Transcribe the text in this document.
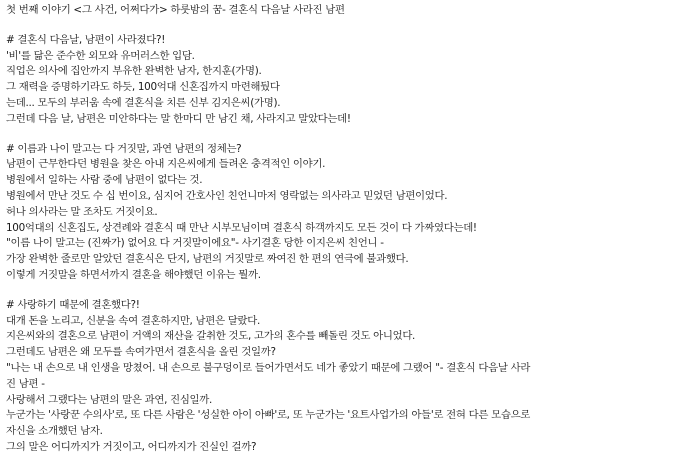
첫 번째 이야기 <그 사건, 어쩌다가> 하룻밤의 꿈- 결혼식 다음날 사라진 남편
# 결혼식 다음날, 남편이 사라졌다?!
'비'를 닮은 준수한 외모와 유머러스한 입담.
직업은 의사에 집안까지 부유한 완벽한 남자, 한지훈(가명).
그 재력을 증명하기라도 하듯, 100억대 신혼집까지 마련해뒀다
는데... 모두의 부러움 속에 결혼식을 치른 신부 김지은씨(가명).
그런데 다음 날, 남편은 미안하다는 말 한마디 만 남긴 채, 사라지고 말았다는데!
# 이름과 나이 말고는 다 거짓말, 과연 남편의 정체는?
남편이 근무한다던 병원을 찾은 아내 지은씨에게 들려온 충격적인 이야기.
병원에서 일하는 사람 중에 남편이 없다는 것.
병원에서 만난 것도 수 십 번이요, 심지어 간호사인 친언니마저 영락없는 의사라고 믿었던 남편이었다.
허나 의사라는 말 조차도 거짓이요.
100억대의 신혼집도, 상견례와 결혼식 때 만난 시부모님이며 결혼식 하객까지도 모든 것이 다 가짜였다는데!
"이름 나이 말고는 (진짜가) 없어요 다 거짓말이에요"- 사기결혼 당한 이지은씨 친언니 -
가장 완벽한 줄로만 알았던 결혼식은 단지, 남편의 거짓말로 짜여진 한 편의 연극에 불과했다.
이렇게 거짓말을 하면서까지 결혼을 해야했던 이유는 뭘까.
# 사랑하기 때문에 결혼했다?!
대개 돈을 노리고, 신분을 속여 결혼하지만, 남편은 달랐다.
지은씨와의 결혼으로 남편이 거액의 재산을 갈취한 것도, 고가의 혼수를 빼돌린 것도 아니었다.
그런데도 남편은 왜 모두를 속여가면서 결혼식을 올린 것일까?
"나는 내 손으로 내 인생을 망쳤어. 내 손으로 불구덩이로 들어가면서도 네가 좋았기 때문에 그랬어 "- 결혼식 다음날 사라
진 남편 -
사랑해서 그랬다는 남편의 말은 과연, 진심일까.
누군가는 '사랑꾼 수의사'로, 또 다른 사람은 '성실한 아이 아빠'로, 또 누군가는 '요트사업가의 아들'로 전혀 다른 모습으로
자신을 소개했던 남자.
그의 말은 어디까지가 거짓이고, 어디까지가 진실인 걸까?
